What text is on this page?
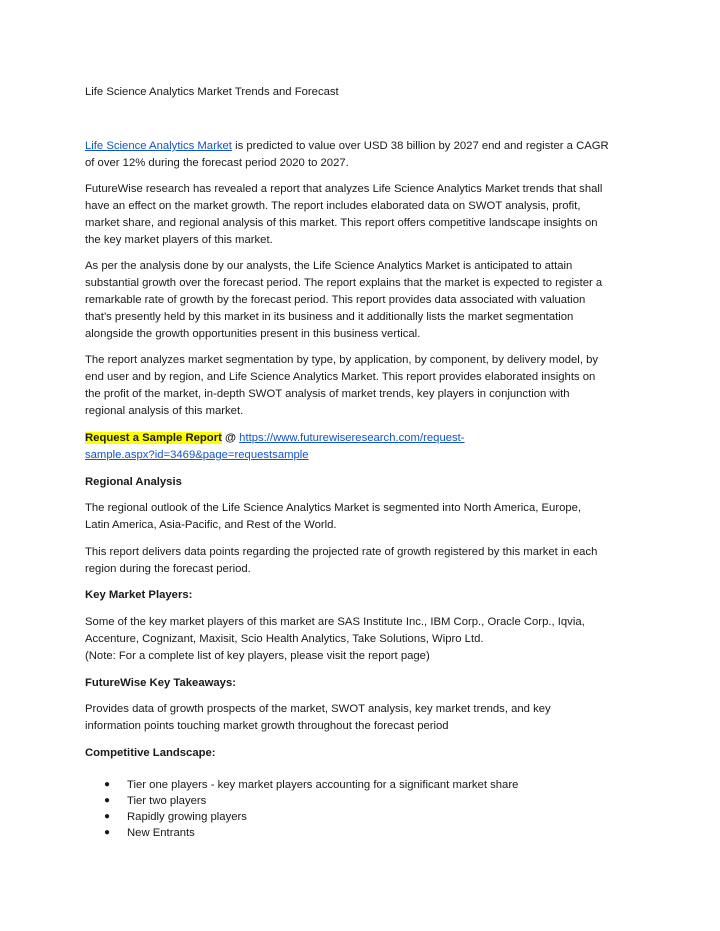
Life Science Analytics Market Trends and Forecast
Life Science Analytics Market is predicted to value over USD 38 billion by 2027 end and register a CAGR
of over 12% during the forecast period 2020 to 2027.
FutureWise research has revealed a report that analyzes Life Science Analytics Market trends that shall
have an effect on the market growth. The report includes elaborated data on SWOT analysis, profit,
market share, and regional analysis of this market. This report offers competitive landscape insights on
the key market players of this market.
As per the analysis done by our analysts, the Life Science Analytics Market is anticipated to attain
substantial growth over the forecast period. The report explains that the market is expected to register a
remarkable rate of growth by the forecast period. This report provides data associated with valuation
that’s presently held by this market in its business and it additionally lists the market segmentation
alongside the growth opportunities present in this business vertical.
The report analyzes market segmentation by type, by application, by component, by delivery model, by
end user and by region, and Life Science Analytics Market. This report provides elaborated insights on
the profit of the market, in-depth SWOT analysis of market trends, key players in conjunction with
regional analysis of this market.
Request a Sample Report @ https://www.futurewiseresearch.com/request-
sample.aspx?id=3469&page=requestsample
Regional Analysis
The regional outlook of the Life Science Analytics Market is segmented into North America, Europe,
Latin America, Asia-Pacific, and Rest of the World.
This report delivers data points regarding the projected rate of growth registered by this market in each
region during the forecast period.
Key Market Players:
Some of the key market players of this market are SAS Institute Inc., IBM Corp., Oracle Corp., Iqvia,
Accenture, Cognizant, Maxisit, Scio Health Analytics, Take Solutions, Wipro Ltd.
(Note: For a complete list of key players, please visit the report page)
FutureWise Key Takeaways:
Provides data of growth prospects of the market, SWOT analysis, key market trends, and key
information points touching market growth throughout the forecast period
Competitive Landscape:
● Tier one players - key market players accounting for a significant market share
● Tier two players
● Rapidly growing players
● New Entrants
